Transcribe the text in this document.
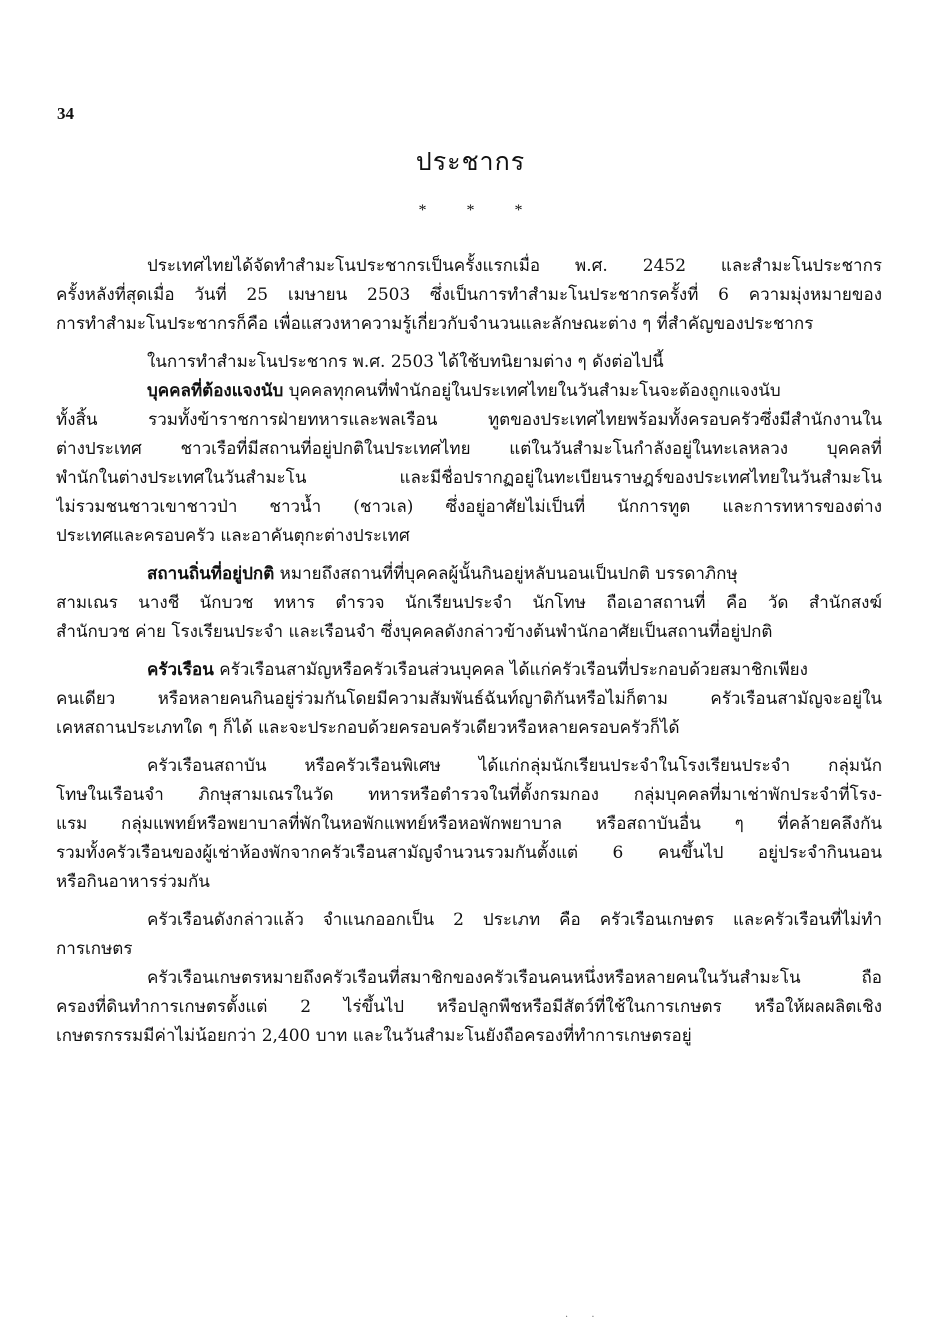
34
ประชากร
* * *
ประเทศไทยได้จัดทำสำมะโนประชากรเป็นครั้งแรกเมื่อ พ.ศ. 2452 และสำมะโนประชากร
ครั้งหลังที่สุดเมื่อ วันที่ 25 เมษายน 2503 ซึ่งเป็นการทำสำมะโนประชากรครั้งที่ 6 ความมุ่งหมายของ
การทำสำมะโนประชากรก็คือ เพื่อแสวงหาความรู้เกี่ยวกับจำนวนและลักษณะต่าง ๆ ที่สำคัญของประชากร
ในการทำสำมะโนประชากร พ.ศ. 2503 ได้ใช้บทนิยามต่าง ๆ ดังต่อไปนี้
บุคคลที่ต้องแจงนับ บุคคลทุกคนที่พำนักอยู่ในประเทศไทยในวันสำมะโนจะต้องถูกแจงนับ
ทั้งสิ้น รวมทั้งข้าราชการฝ่ายทหารและพลเรือน ทูตของประเทศไทยพร้อมทั้งครอบครัวซึ่งมีสำนักงานใน
ต่างประเทศ ชาวเรือที่มีสถานที่อยู่ปกติในประเทศไทย แต่ในวันสำมะโนกำลังอยู่ในทะเลหลวง บุคคลที่
พำนักในต่างประเทศในวันสำมะโน และมีชื่อปรากฏอยู่ในทะเบียนราษฎร์ของประเทศไทยในวันสำมะโน
ไม่รวมชนชาวเขาชาวป่า ชาวน้ำ (ชาวเล) ซึ่งอยู่อาศัยไม่เป็นที่ นักการทูต และการทหารของต่าง
ประเทศและครอบครัว และอาคันตุกะต่างประเทศ
สถานถิ่นที่อยู่ปกติ หมายถึงสถานที่ที่บุคคลผู้นั้นกินอยู่หลับนอนเป็นปกติ บรรดาภิกษุ
สามเณร นางชี นักบวช ทหาร ตำรวจ นักเรียนประจำ นักโทษ ถือเอาสถานที่ คือ วัด สำนักสงฆ์
สำนักบวช ค่าย โรงเรียนประจำ และเรือนจำ ซึ่งบุคคลดังกล่าวข้างต้นพำนักอาศัยเป็นสถานที่อยู่ปกติ
ครัวเรือน ครัวเรือนสามัญหรือครัวเรือนส่วนบุคคล ได้แก่ครัวเรือนที่ประกอบด้วยสมาชิกเพียง
คนเดียว หรือหลายคนกินอยู่ร่วมกันโดยมีความสัมพันธ์ฉันท์ญาติกันหรือไม่ก็ตาม ครัวเรือนสามัญจะอยู่ใน
เคหสถานประเภทใด ๆ ก็ได้ และจะประกอบด้วยครอบครัวเดียวหรือหลายครอบครัวก็ได้
ครัวเรือนสถาบัน หรือครัวเรือนพิเศษ ได้แก่กลุ่มนักเรียนประจำในโรงเรียนประจำ กลุ่มนัก
โทษในเรือนจำ ภิกษุสามเณรในวัด ทหารหรือตำรวจในที่ตั้งกรมกอง กลุ่มบุคคลที่มาเช่าพักประจำที่โรง-
แรม กลุ่มแพทย์หรือพยาบาลที่พักในหอพักแพทย์หรือหอพักพยาบาล หรือสถาบันอื่น ๆ ที่คล้ายคลึงกัน
รวมทั้งครัวเรือนของผู้เช่าห้องพักจากครัวเรือนสามัญจำนวนรวมกันตั้งแต่ 6 คนขึ้นไป อยู่ประจำกินนอน
หรือกินอาหารร่วมกัน
ครัวเรือนดังกล่าวแล้ว จำแนกออกเป็น 2 ประเภท คือ ครัวเรือนเกษตร และครัวเรือนที่ไม่ทำ
การเกษตร
ครัวเรือนเกษตรหมายถึงครัวเรือนที่สมาชิกของครัวเรือนคนหนึ่งหรือหลายคนในวันสำมะโน ถือ
ครองที่ดินทำการเกษตรตั้งแต่ 2 ไร่ขึ้นไป หรือปลูกพืชหรือมีสัตว์ที่ใช้ในการเกษตร หรือให้ผลผลิตเชิง
เกษตรกรรมมีค่าไม่น้อยกว่า 2,400 บาท และในวันสำมะโนยังถือครองที่ทำการเกษตรอยู่
· ·
